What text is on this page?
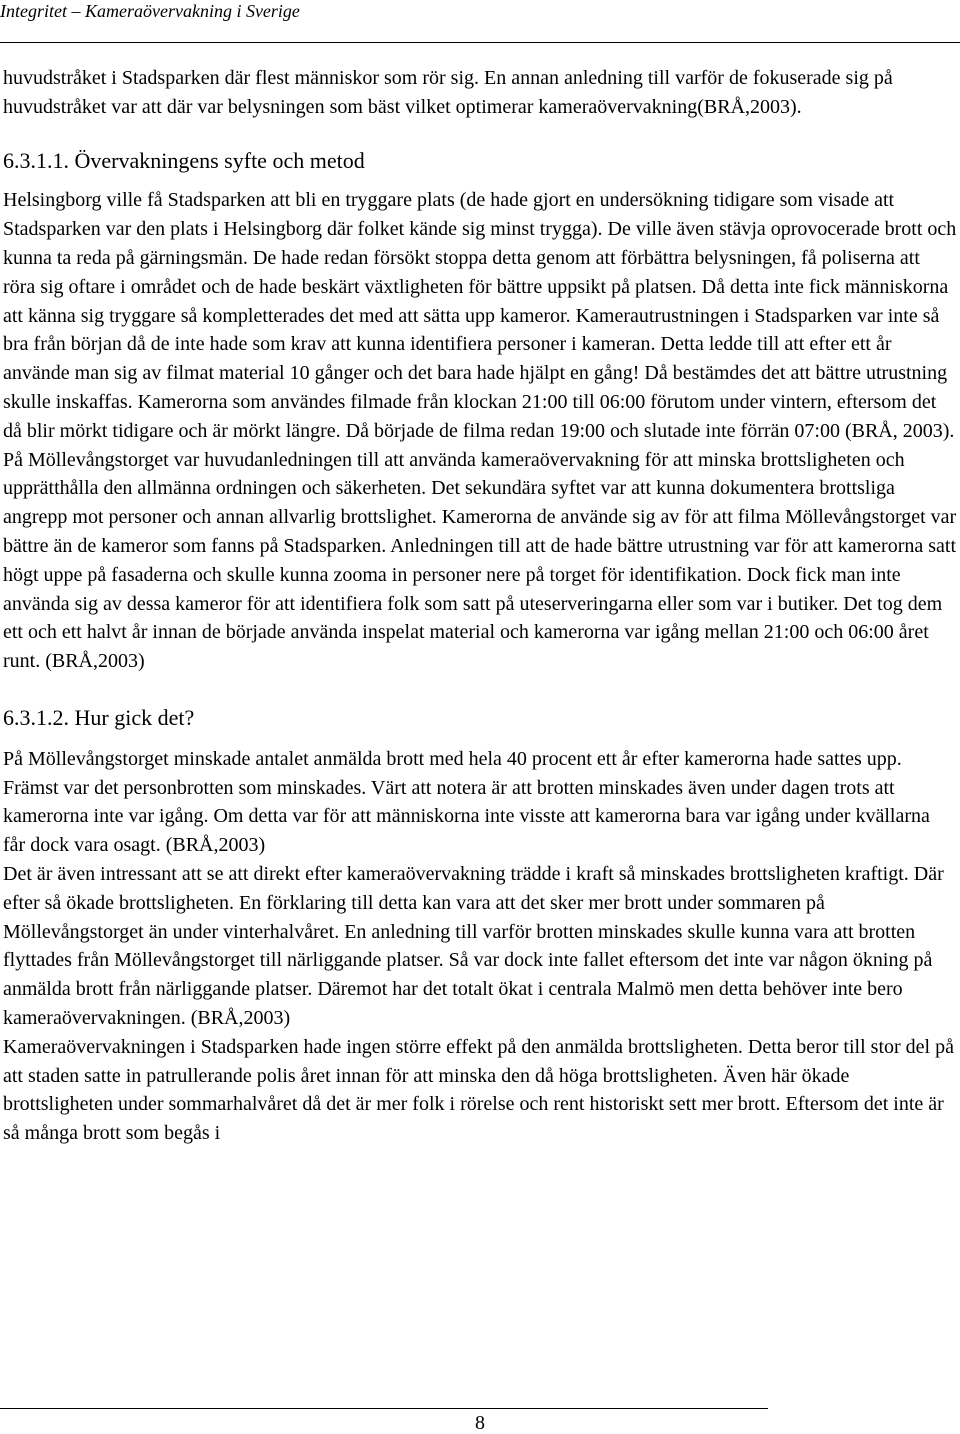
Integritet – Kameraövervakning i Sverige

huvudstråket i Stadsparken där flest människor som rör sig. En annan anledning till varför de fokuserade sig på huvudstråket var att där var belysningen som bäst vilket optimerar kameraövervakning(BRÅ,2003).

6.3.1.1. Övervakningens syfte och metod

Helsingborg ville få Stadsparken att bli en tryggare plats (de hade gjort en undersökning tidigare som visade att Stadsparken var den plats i Helsingborg där folket kände sig minst trygga). De ville även stävja oprovocerade brott och kunna ta reda på gärningsmän. De hade redan försökt stoppa detta genom att förbättra belysningen, få poliserna att röra sig oftare i området och de hade beskärt växtligheten för bättre uppsikt på platsen. Då detta inte fick människorna att känna sig tryggare så kompletterades det med att sätta upp kameror. Kamerautrustningen i Stadsparken var inte så bra från början då de inte hade som krav att kunna identifiera personer i kameran. Detta ledde till att efter ett år använde man sig av filmat material 10 gånger och det bara hade hjälpt en gång! Då bestämdes det att bättre utrustning skulle inskaffas. Kamerorna som användes filmade från klockan 21:00 till 06:00 förutom under vintern, eftersom det då blir mörkt tidigare och är mörkt längre. Då började de filma redan 19:00 och slutade inte förrän 07:00 (BRÅ, 2003).

På Möllevångstorget var huvudanledningen till att använda kameraövervakning för att minska brottsligheten och upprätthålla den allmänna ordningen och säkerheten. Det sekundära syftet var att kunna dokumentera brottsliga angrepp mot personer och annan allvarlig brottslighet. Kamerorna de använde sig av för att filma Möllevångstorget var bättre än de kameror som fanns på Stadsparken. Anledningen till att de hade bättre utrustning var för att kamerorna satt högt uppe på fasaderna och skulle kunna zooma in personer nere på torget för identifikation. Dock fick man inte använda sig av dessa kameror för att identifiera folk som satt på uteserveringarna eller som var i butiker. Det tog dem ett och ett halvt år innan de började använda inspelat material och kamerorna var igång mellan 21:00 och 06:00 året runt. (BRÅ,2003)

6.3.1.2. Hur gick det?

På Möllevångstorget minskade antalet anmälda brott med hela 40 procent ett år efter kamerorna hade sattes upp. Främst var det personbrotten som minskades. Värt att notera är att brotten minskades även under dagen trots att kamerorna inte var igång. Om detta var för att människorna inte visste att kamerorna bara var igång under kvällarna får dock vara osagt. (BRÅ,2003)

Det är även intressant att se att direkt efter kameraövervakning trädde i kraft så minskades brottsligheten kraftigt. Där efter så ökade brottsligheten. En förklaring till detta kan vara att det sker mer brott under sommaren på Möllevångstorget än under vinterhalvåret. En anledning till varför brotten minskades skulle kunna vara att brotten flyttades från Möllevångstorget till närliggande platser. Så var dock inte fallet eftersom det inte var någon ökning på anmälda brott från närliggande platser. Däremot har det totalt ökat i centrala Malmö men detta behöver inte bero kameraövervakningen. (BRÅ,2003)

Kameraövervakningen i Stadsparken hade ingen större effekt på den anmälda brottsligheten. Detta beror till stor del på att staden satte in patrullerande polis året innan för att minska den då höga brottsligheten. Även här ökade brottsligheten under sommarhalvåret då det är mer folk i rörelse och rent historiskt sett mer brott. Eftersom det inte är så många brott som begås i

8
